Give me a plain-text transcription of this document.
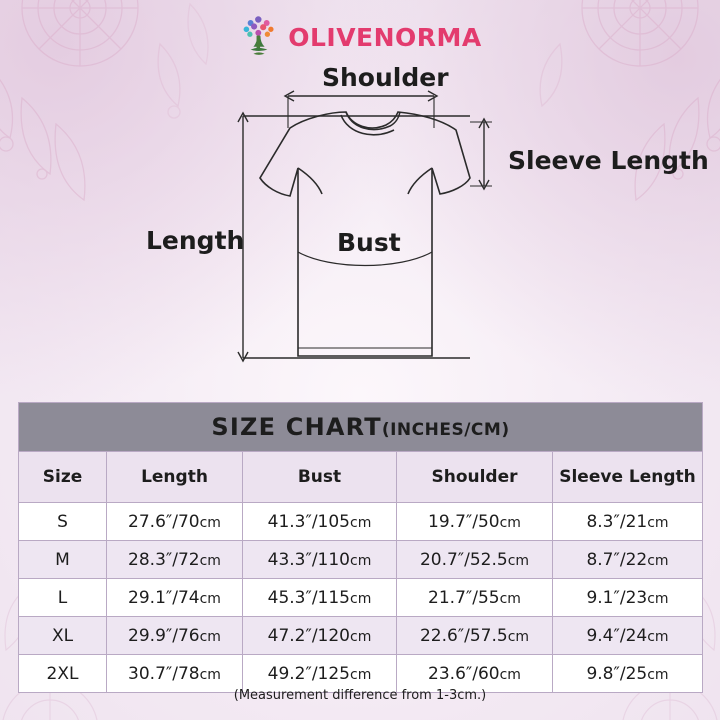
OLIVENORMA
Shoulder
Sleeve Length
Length	Bust
SIZE CHART(INCHES/CM)				
Size	Length	Bust	Shoulder	Sleeve Length
S	27.6″/70cm	41.3″/105cm	19.7″/50cm	8.3″/21cm
M	28.3″/72cm	43.3″/110cm	20.7″/52.5cm	8.7″/22cm
L	29.1″/74cm	45.3″/115cm	21.7″/55cm	9.1″/23cm
XL	29.9″/76cm	47.2″/120cm	22.6″/57.5cm	9.4″/24cm
2XL	30.7″/78cm	49.2″/125cm	23.6″/60cm	9.8″/25cm
(Measurement difference from 1-3cm.)
